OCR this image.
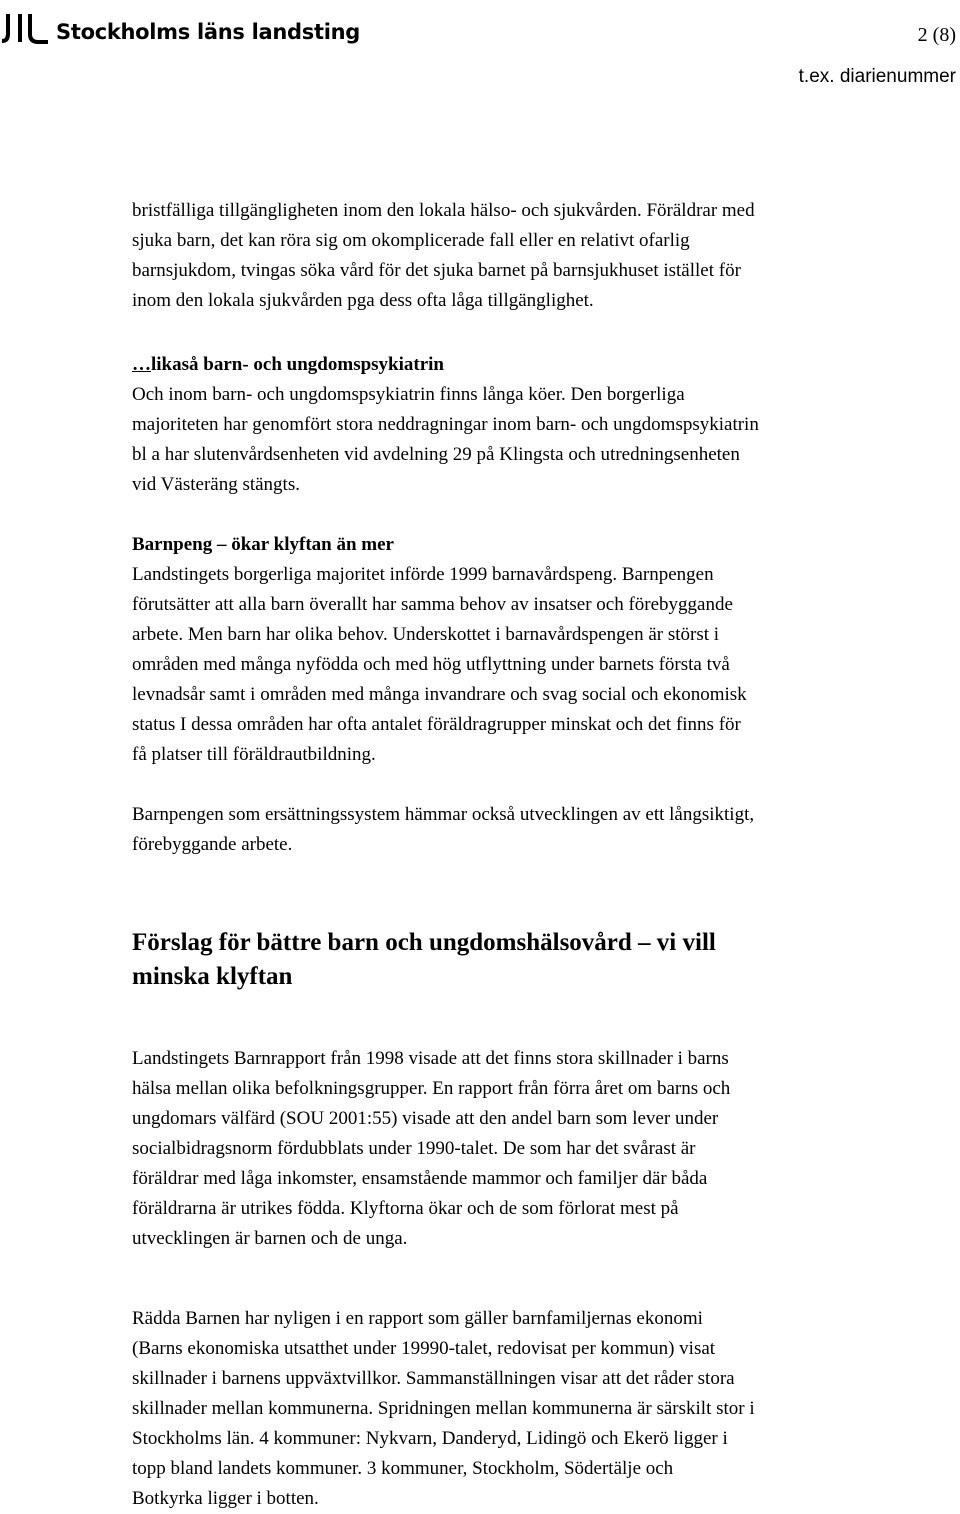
Stockholms läns landsting	2 (8)
t.ex. diarienummer

bristfälliga tillgängligheten inom den lokala hälso- och sjukvården. Föräldrar med
sjuka barn, det kan röra sig om okomplicerade fall eller en relativt ofarlig
barnsjukdom, tvingas söka vård för det sjuka barnet på barnsjukhuset istället för
inom den lokala sjukvården pga dess ofta låga tillgänglighet.

…likaså barn- och ungdomspsykiatrin

Och inom barn- och ungdomspsykiatrin finns långa köer. Den borgerliga
majoriteten har genomfört stora neddragningar inom barn- och ungdomspsykiatrin
bl a har slutenvårdsenheten vid avdelning 29 på Klingsta och utredningsenheten
vid Västeräng stängts.

Barnpeng – ökar klyftan än mer

Landstingets borgerliga majoritet införde 1999 barnavårdspeng. Barnpengen
förutsätter att alla barn överallt har samma behov av insatser och förebyggande
arbete. Men barn har olika behov. Underskottet i barnavårdspengen är störst i
områden med många nyfödda och med hög utflyttning under barnets första två
levnadsår samt i områden med många invandrare och svag social och ekonomisk
status I dessa områden har ofta antalet föräldragrupper minskat och det finns för
få platser till föräldrautbildning.

Barnpengen som ersättningssystem hämmar också utvecklingen av ett långsiktigt,
förebyggande arbete.

Förslag för bättre barn och ungdomshälsovård – vi vill
minska klyftan

Landstingets Barnrapport från 1998 visade att det finns stora skillnader i barns
hälsa mellan olika befolkningsgrupper. En rapport från förra året om barns och
ungdomars välfärd (SOU 2001:55) visade att den andel barn som lever under
socialbidragsnorm fördubblats under 1990-talet. De som har det svårast är
föräldrar med låga inkomster, ensamstående mammor och familjer där båda
föräldrarna är utrikes födda. Klyftorna ökar och de som förlorat mest på
utvecklingen är barnen och de unga.

Rädda Barnen har nyligen i en rapport som gäller barnfamiljernas ekonomi
(Barns ekonomiska utsatthet under 19990-talet, redovisat per kommun) visat
skillnader i barnens uppväxtvillkor. Sammanställningen visar att det råder stora
skillnader mellan kommunerna. Spridningen mellan kommunerna är särskilt stor i
Stockholms län. 4 kommuner: Nykvarn, Danderyd, Lidingö och Ekerö ligger i
topp bland landets kommuner. 3 kommuner, Stockholm, Södertälje och
Botkyrka ligger i botten.
